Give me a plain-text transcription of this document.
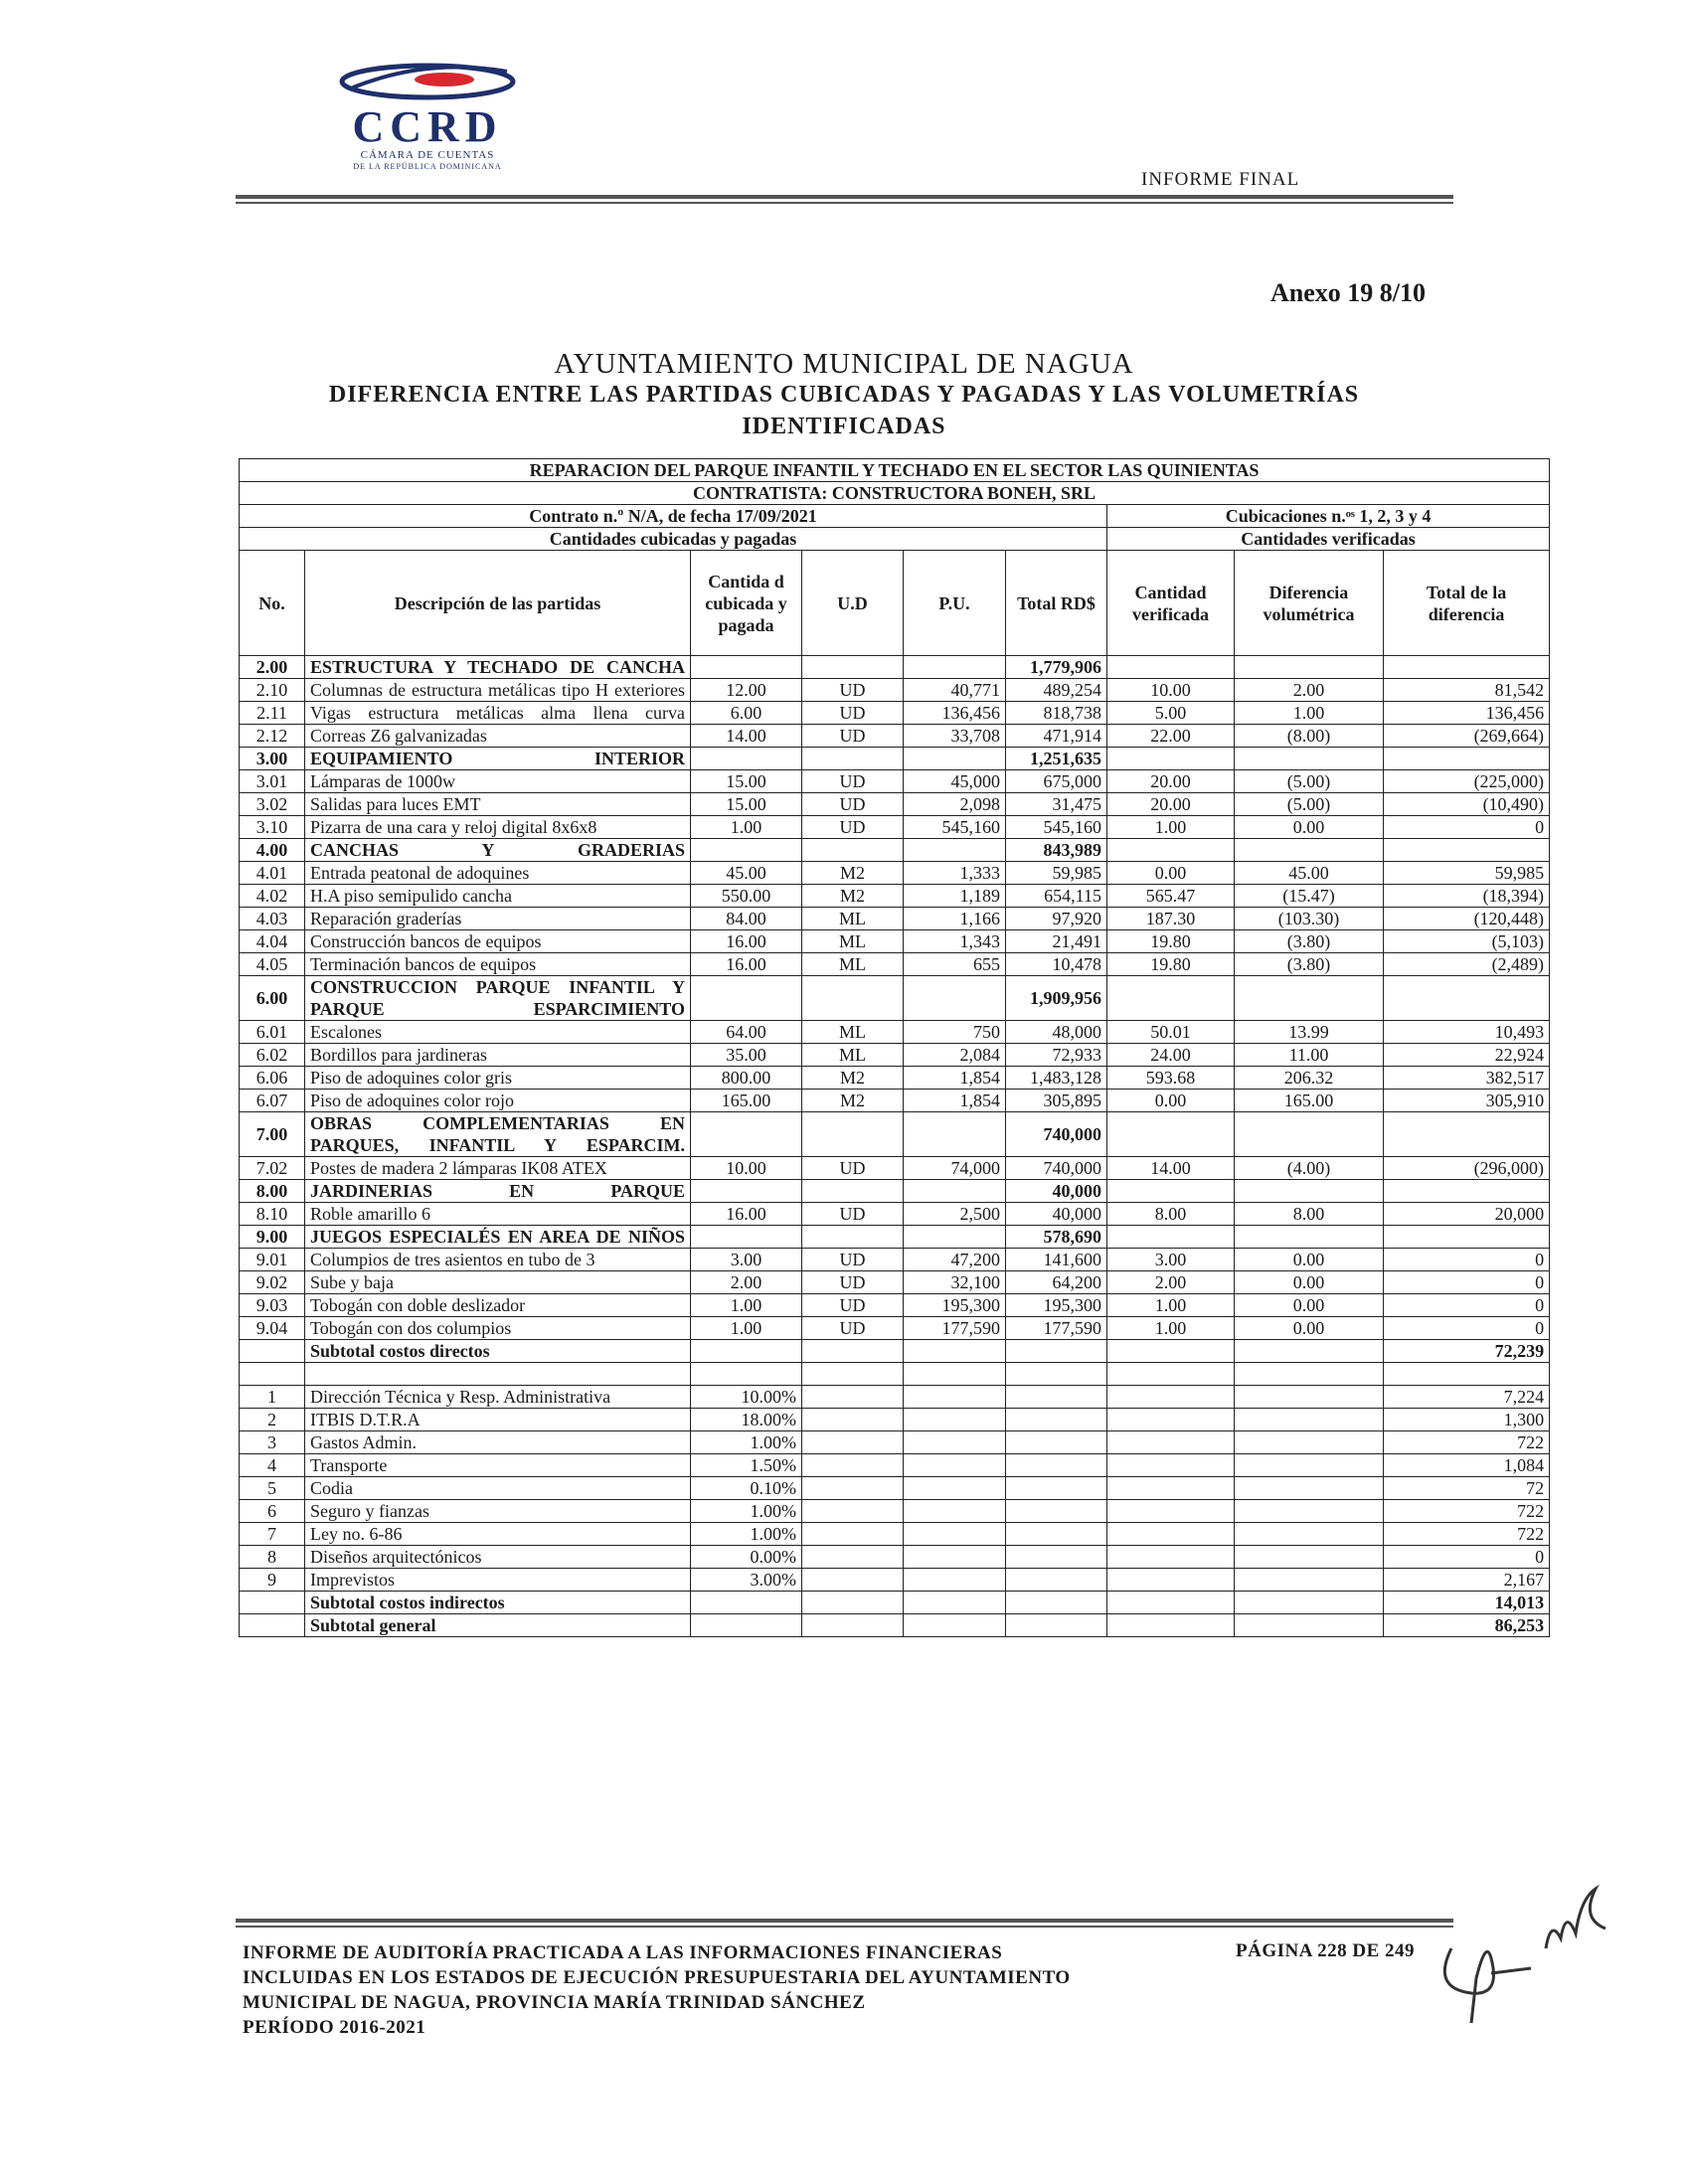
CCRD
CÁMARA DE CUENTAS
DE LA REPÚBLICA DOMINICANA
INFORME FINAL
Anexo 19 8/10
AYUNTAMIENTO MUNICIPAL DE NAGUA
DIFERENCIA ENTRE LAS PARTIDAS CUBICADAS Y PAGADAS Y LAS VOLUMETRÍAS
IDENTIFICADAS
REPARACION DEL PARQUE INFANTIL Y TECHADO EN EL SECTOR LAS QUINIENTAS								
CONTRATISTA: CONSTRUCTORA BONEH, SRL								
Contrato n.º N/A, de fecha 17/09/2021						Cubicaciones n.ᵒˢ 1, 2, 3 y 4		
Cantidades cubicadas y pagadas						Cantidades verificadas		
No.	Descripción de las partidas	Cantida d cubicada y pagada	U.D	P.U.	Total RD$	Cantidad verificada	Diferencia volumétrica	Total de la diferencia
2.00	ESTRUCTURA Y TECHADO DE CANCHA				1,779,906			
2.10	Columnas de estructura metálicas tipo H exteriores	12.00	UD	40,771	489,254	10.00	2.00	81,542
2.11	Vigas estructura metálicas alma llena curva	6.00	UD	136,456	818,738	5.00	1.00	136,456
2.12	Correas Z6 galvanizadas	14.00	UD	33,708	471,914	22.00	(8.00)	(269,664)
3.00	EQUIPAMIENTO INTERIOR				1,251,635			
3.01	Lámparas de 1000w	15.00	UD	45,000	675,000	20.00	(5.00)	(225,000)
3.02	Salidas para luces EMT	15.00	UD	2,098	31,475	20.00	(5.00)	(10,490)
3.10	Pizarra de una cara y reloj digital 8x6x8	1.00	UD	545,160	545,160	1.00	0.00	0
4.00	CANCHAS Y GRADERIAS				843,989			
4.01	Entrada peatonal de adoquines	45.00	M2	1,333	59,985	0.00	45.00	59,985
4.02	H.A piso semipulido cancha	550.00	M2	1,189	654,115	565.47	(15.47)	(18,394)
4.03	Reparación graderías	84.00	ML	1,166	97,920	187.30	(103.30)	(120,448)
4.04	Construcción bancos de equipos	16.00	ML	1,343	21,491	19.80	(3.80)	(5,103)
4.05	Terminación bancos de equipos	16.00	ML	655	10,478	19.80	(3.80)	(2,489)
6.00	CONSTRUCCION PARQUE INFANTIL Y PARQUE ESPARCIMIENTO				1,909,956			
6.01	Escalones	64.00	ML	750	48,000	50.01	13.99	10,493
6.02	Bordillos para jardineras	35.00	ML	2,084	72,933	24.00	11.00	22,924
6.06	Piso de adoquines color gris	800.00	M2	1,854	1,483,128	593.68	206.32	382,517
6.07	Piso de adoquines color rojo	165.00	M2	1,854	305,895	0.00	165.00	305,910
7.00	OBRAS COMPLEMENTARIAS EN PARQUES, INFANTIL Y ESPARCIM.				740,000			
7.02	Postes de madera 2 lámparas IK08 ATEX	10.00	UD	74,000	740,000	14.00	(4.00)	(296,000)
8.00	JARDINERIAS EN PARQUE				40,000			
8.10	Roble amarillo 6	16.00	UD	2,500	40,000	8.00	8.00	20,000
9.00	JUEGOS ESPECIALÉS EN AREA DE NIÑOS				578,690			
9.01	Columpios de tres asientos en tubo de 3	3.00	UD	47,200	141,600	3.00	0.00	0
9.02	Sube y baja	2.00	UD	32,100	64,200	2.00	0.00	0
9.03	Tobogán con doble deslizador	1.00	UD	195,300	195,300	1.00	0.00	0
9.04	Tobogán con dos columpios	1.00	UD	177,590	177,590	1.00	0.00	0
	Subtotal costos directos							72,239

1	Dirección Técnica y Resp. Administrativa	10.00%						7,224
2	ITBIS D.T.R.A	18.00%						1,300
3	Gastos Admin.	1.00%						722
4	Transporte	1.50%						1,084
5	Codia	0.10%						72
6	Seguro y fianzas	1.00%						722
7	Ley no. 6-86	1.00%						722
8	Diseños arquitectónicos	0.00%						0
9	Imprevistos	3.00%						2,167
	Subtotal costos indirectos							14,013
	Subtotal general							86,253
INFORME DE AUDITORÍA PRACTICADA A LAS INFORMACIONES FINANCIERAS
INCLUIDAS EN LOS ESTADOS DE EJECUCIÓN PRESUPUESTARIA DEL AYUNTAMIENTO
MUNICIPAL DE NAGUA, PROVINCIA MARÍA TRINIDAD SÁNCHEZ
PERÍODO 2016-2021
PÁGINA 228 DE 249
